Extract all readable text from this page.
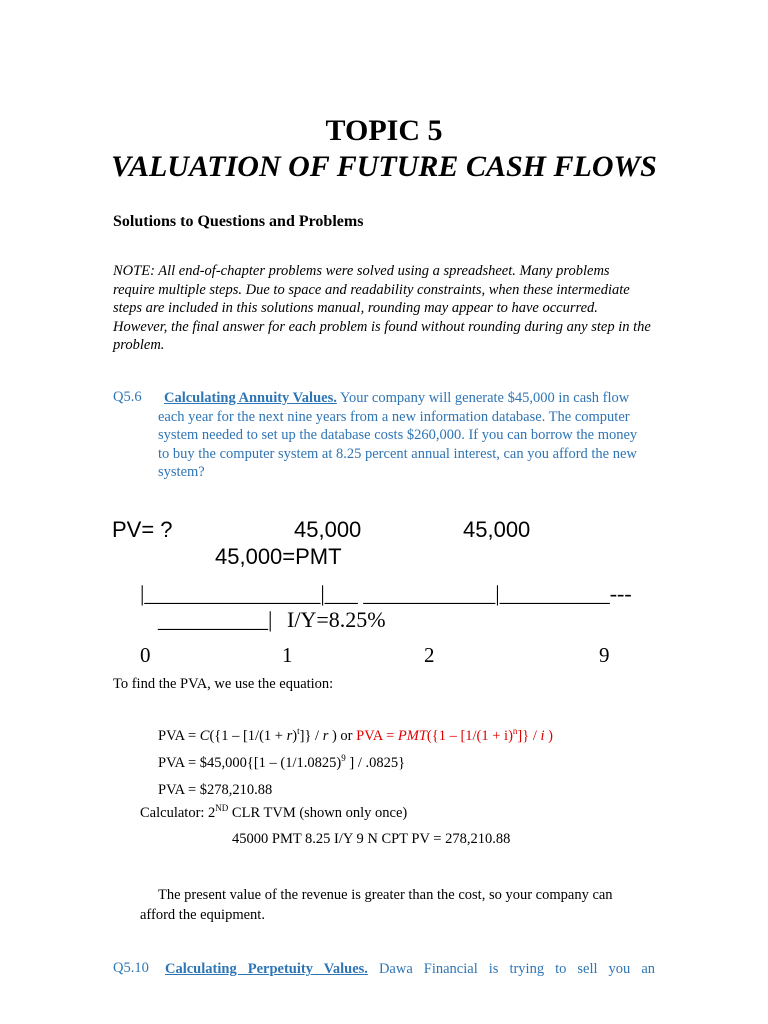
TOPIC 5
VALUATION OF FUTURE CASH FLOWS
Solutions to Questions and Problems
NOTE: All end-of-chapter problems were solved using a spreadsheet. Many problems require multiple steps. Due to space and readability constraints, when these intermediate steps are included in this solutions manual, rounding may appear to have occurred. However, the final answer for each problem is found without rounding during any step in the problem.
Q5.6	Calculating Annuity Values. Your company will generate $45,000 in cash flow each year for the next nine years from a new information database. The computer system needed to set up the database costs $260,000. If you can borrow the money to buy the computer system at 8.25 percent annual interest, can you afford the new system?
PV= ?	45,000	45,000
45,000=PMT
|________________|___ ____________|__________---
__________| I/Y=8.25%
0	1	2	9
To find the PVA, we use the equation:
PVA = $C(\{1 - [1/(1 + r)^t]\} / r$ ) or PVA = $PMT(\{1 - [1/(1 + i)^n]\} / i$ )
PVA = $45,000{[1 – $(1/1.0825)^9$ ] / .0825}
PVA = $278,210.88
Calculator: 2ND CLR TVM (shown only once)
45000 PMT 8.25 I/Y 9 N CPT PV = 278,210.88
The present value of the revenue is greater than the cost, so your company can
afford the equipment.
Q5.10 Calculating Perpetuity Values. Dawa Financial is trying to sell you an
